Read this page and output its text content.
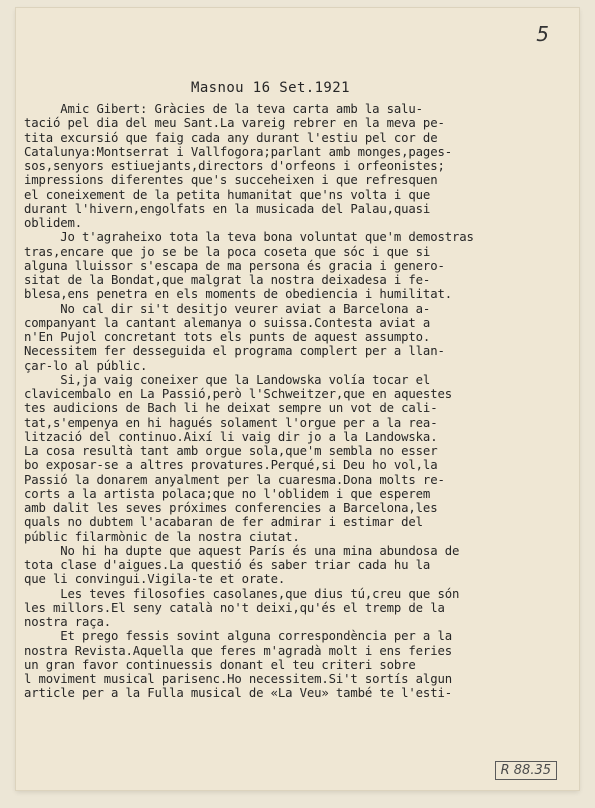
5
Masnou 16 Set.1921
Amic Gibert: Gràcies de la teva carta amb la salu-
tació pel dia del meu Sant.La vareig rebrer en la meva pe-
tita excursió que faig cada any durant l'estiu pel cor de
Catalunya:Montserrat i Vallfogora;parlant amb monges,pages-
sos,senyors estiuejants,directors d'orfeons i orfeonistes;
impressions diferentes que's succeheixen i que refresquen
el coneixement de la petita humanitat que'ns volta i que
durant l'hivern,engolfats en la musicada del Palau,quasi
oblidem.
Jo t'agraheixo tota la teva bona voluntat que'm demostras
tras,encare que jo se be la poca coseta que sóc i que si
alguna lluissor s'escapa de ma persona és gracia i genero-
sitat de la Bondat,que malgrat la nostra deixadesa i fe-
blesa,ens penetra en els moments de obediencia i humilitat.
No cal dir si't desitjo veurer aviat a Barcelona a-
companyant la cantant alemanya o suissa.Contesta aviat a
n'En Pujol concretant tots els punts de aquest assumpto.
Necessitem fer desseguida el programa complert per a llan-
çar-lo al públic.
Si,ja vaig coneixer que la Landowska volía tocar el
clavicembalo en La Passió,però l'Schweitzer,que en aquestes
tes audicions de Bach li he deixat sempre un vot de cali-
tat,s'empenya en hi hagués solament l'orgue per a la rea-
lització del continuo.Així li vaig dir jo a la Landowska.
La cosa resultà tant amb orgue sola,que'm sembla no esser
bo exposar-se a altres provatures.Perqué,si Deu ho vol,la
Passió la donarem anyalment per la cuaresma.Dona molts re-
corts a la artista polaca;que no l'oblidem i que esperem
amb dalit les seves próximes conferencies a Barcelona,les
quals no dubtem l'acabaran de fer admirar i estimar del
públic filarmònic de la nostra ciutat.
No hi ha dupte que aquest París és una mina abundosa de
tota clase d'aigues.La questió és saber triar cada hu la
que li convingui.Vigila-te et orate.
Les teves filosofies casolanes,que dius tú,creu que són
les millors.El seny català no't deixi,qu'és el tremp de la
nostra raça.
Et prego fessis sovint alguna correspondència per a la
nostra Revista.Aquella que feres m'agradà molt i ens feries
un gran favor continuessis donant el teu criteri sobre
l moviment musical parisenc.Ho necessitem.Si't sortís algun
article per a la Fulla musical de «La Veu» també te l'esti-
R 88.35
